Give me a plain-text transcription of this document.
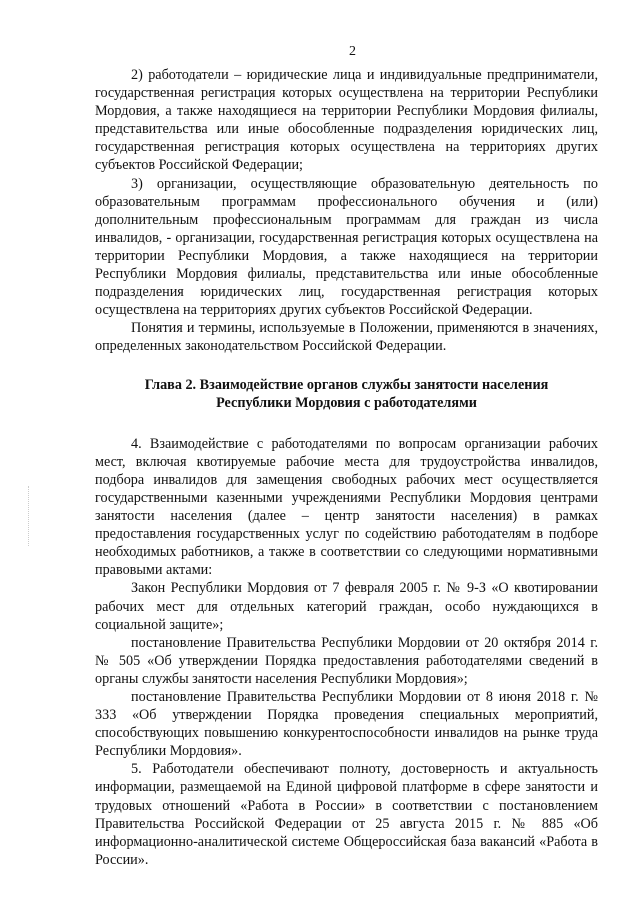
2

2) работодатели – юридические лица и индивидуальные предприниматели, государственная регистрация которых осуществлена на территории Республики Мордовия, а также находящиеся на территории Республики Мордовия филиалы, представительства или иные обособленные подразделения юридических лиц, государственная регистрация которых осуществлена на территориях других субъектов Российской Федерации;

3) организации, осуществляющие образовательную деятельность по образовательным программам профессионального обучения и (или) дополнительным профессиональным программам для граждан из числа инвалидов, - организации, государственная регистрация которых осуществлена на территории Республики Мордовия, а также находящиеся на территории Республики Мордовия филиалы, представительства или иные обособленные подразделения юридических лиц, государственная регистрация которых осуществлена на территориях других субъектов Российской Федерации.

Понятия и термины, используемые в Положении, применяются в значениях, определенных законодательством Российской Федерации.

Глава 2. Взаимодействие органов службы занятости населения
Республики Мордовия с работодателями

4. Взаимодействие с работодателями по вопросам организации рабочих мест, включая квотируемые рабочие места для трудоустройства инвалидов, подбора инвалидов для замещения свободных рабочих мест осуществляется государственными казенными учреждениями Республики Мордовия центрами занятости населения (далее – центр занятости населения) в рамках предоставления государственных услуг по содействию работодателям в подборе необходимых работников, а также в соответствии со следующими нормативными правовыми актами:

Закон Республики Мордовия от 7 февраля 2005 г. № 9-З «О квотировании рабочих мест для отдельных категорий граждан, особо нуждающихся в социальной защите»;

постановление Правительства Республики Мордовии от 20 октября 2014 г. № 505 «Об утверждении Порядка предоставления работодателями сведений в органы службы занятости населения Республики Мордовия»;

постановление Правительства Республики Мордовии от 8 июня 2018 г. № 333 «Об утверждении Порядка проведения специальных мероприятий, способствующих повышению конкурентоспособности инвалидов на рынке труда Республики Мордовия».

5. Работодатели обеспечивают полноту, достоверность и актуальность информации, размещаемой на Единой цифровой платформе в сфере занятости и трудовых отношений «Работа в России» в соответствии с постановлением Правительства Российской Федерации от 25 августа 2015 г. № 885 «Об информационно-аналитической системе Общероссийская база вакансий «Работа в России».
